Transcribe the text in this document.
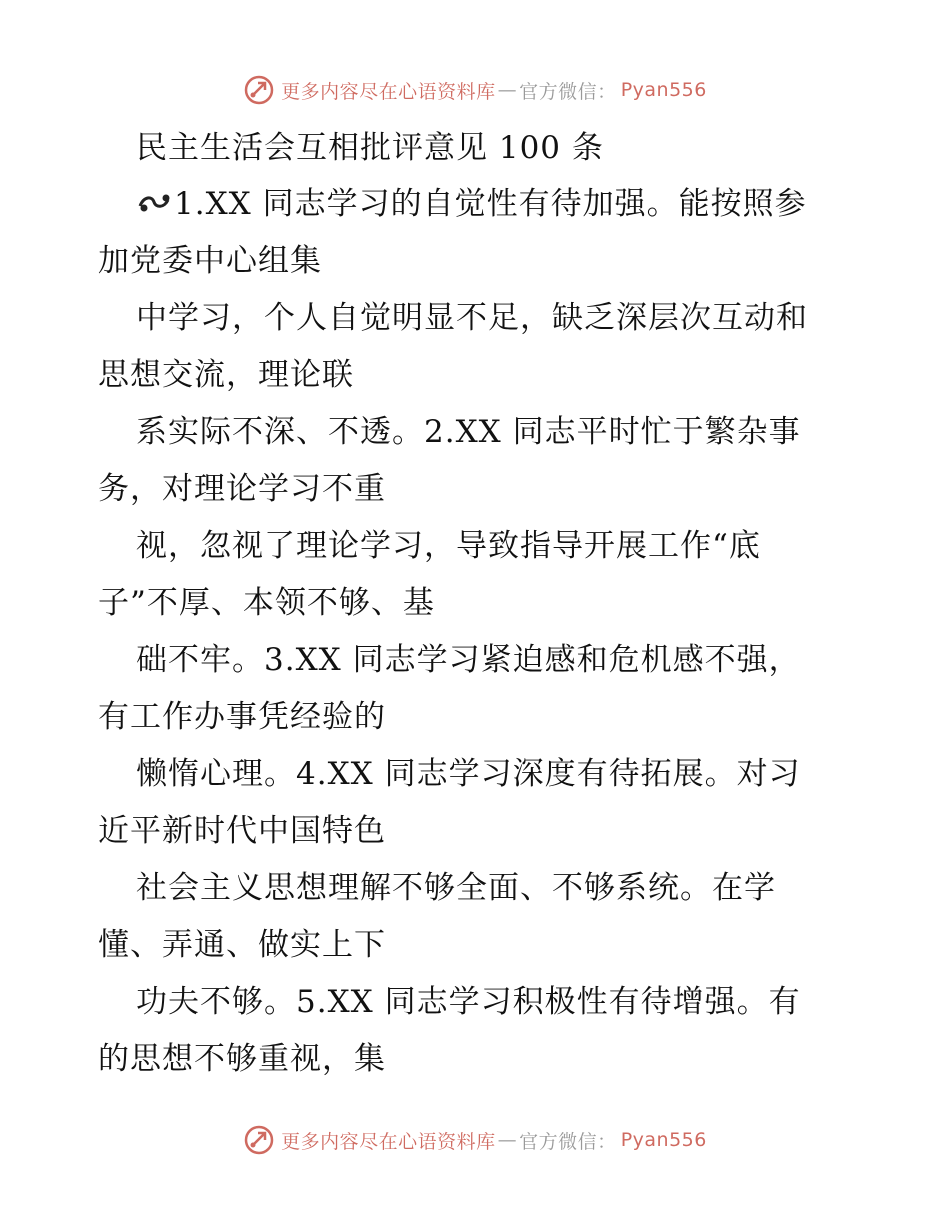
更多内容尽在心语资料库 — 官方微信： Pyan556
民主生活会互相批评意见 100 条
1.XX 同志学习的自觉性有待加强。能按照参
加党委中心组集
中学习，个人自觉明显不足，缺乏深层次互动和
思想交流，理论联
系实际不深、不透。2.XX 同志平时忙于繁杂事
务，对理论学习不重
视，忽视了理论学习，导致指导开展工作“底
子”不厚、本领不够、基
础不牢。3.XX 同志学习紧迫感和危机感不强，
有工作办事凭经验的
懒惰心理。4.XX 同志学习深度有待拓展。对习
近平新时代中国特色
社会主义思想理解不够全面、不够系统。在学
懂、弄通、做实上下
功夫不够。5.XX 同志学习积极性有待增强。有
的思想不够重视，集
更多内容尽在心语资料库 — 官方微信： Pyan556
